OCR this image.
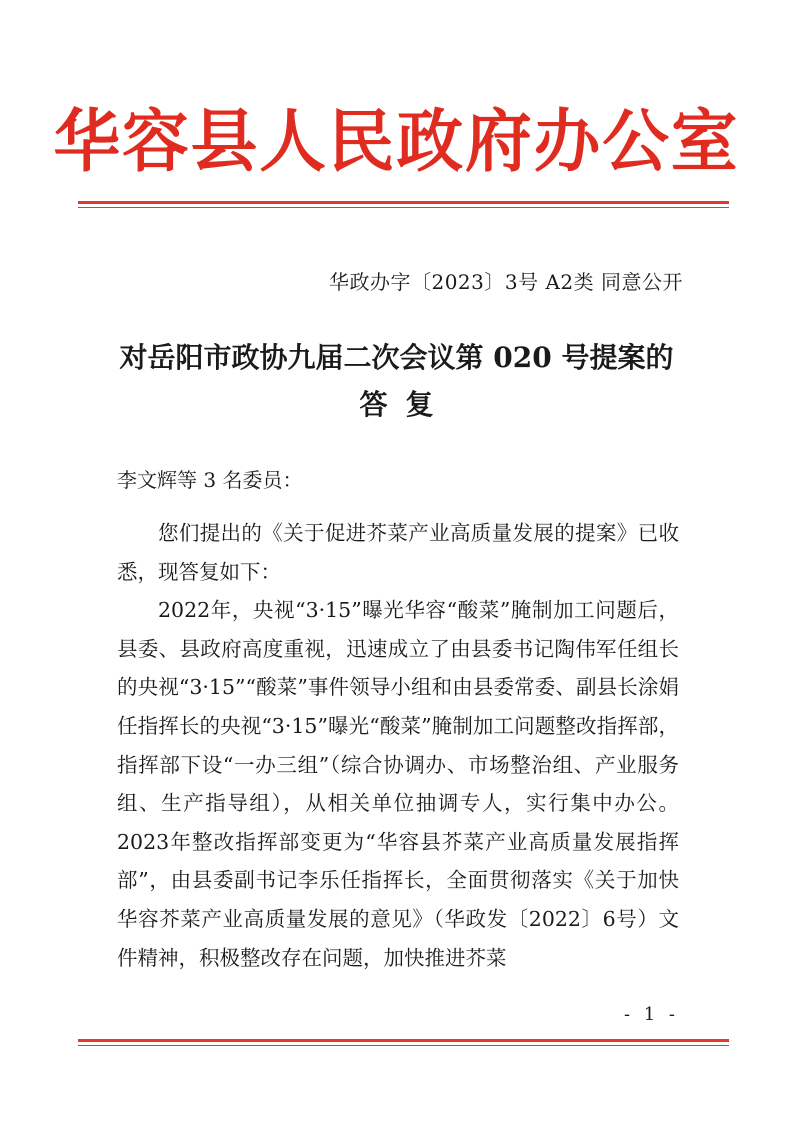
华容县人民政府办公室
华政办字〔2023〕3号 A2类 同意公开
对岳阳市政协九届二次会议第 020 号提案的
答复
李文辉等 3 名委员：

您们提出的《关于促进芥菜产业高质量发展的提案》已收悉，现答复如下：

2022年，央视“3·15”曝光华容“酸菜”腌制加工问题后，县委、县政府高度重视，迅速成立了由县委书记陶伟军任组长的央视“3·15”“酸菜”事件领导小组和由县委常委、副县长涂娟任指挥长的央视“3·15”曝光“酸菜”腌制加工问题整改指挥部，指挥部下设“一办三组”（综合协调办、市场整治组、产业服务组、生产指导组），从相关单位抽调专人，实行集中办公。2023年整改指挥部变更为“华容县芥菜产业高质量发展指挥部”，由县委副书记李乐任指挥长，全面贯彻落实《关于加快华容芥菜产业高质量发展的意见》（华政发〔2022〕6号）文件精神，积极整改存在问题，加快推进芥菜

- 1 -
